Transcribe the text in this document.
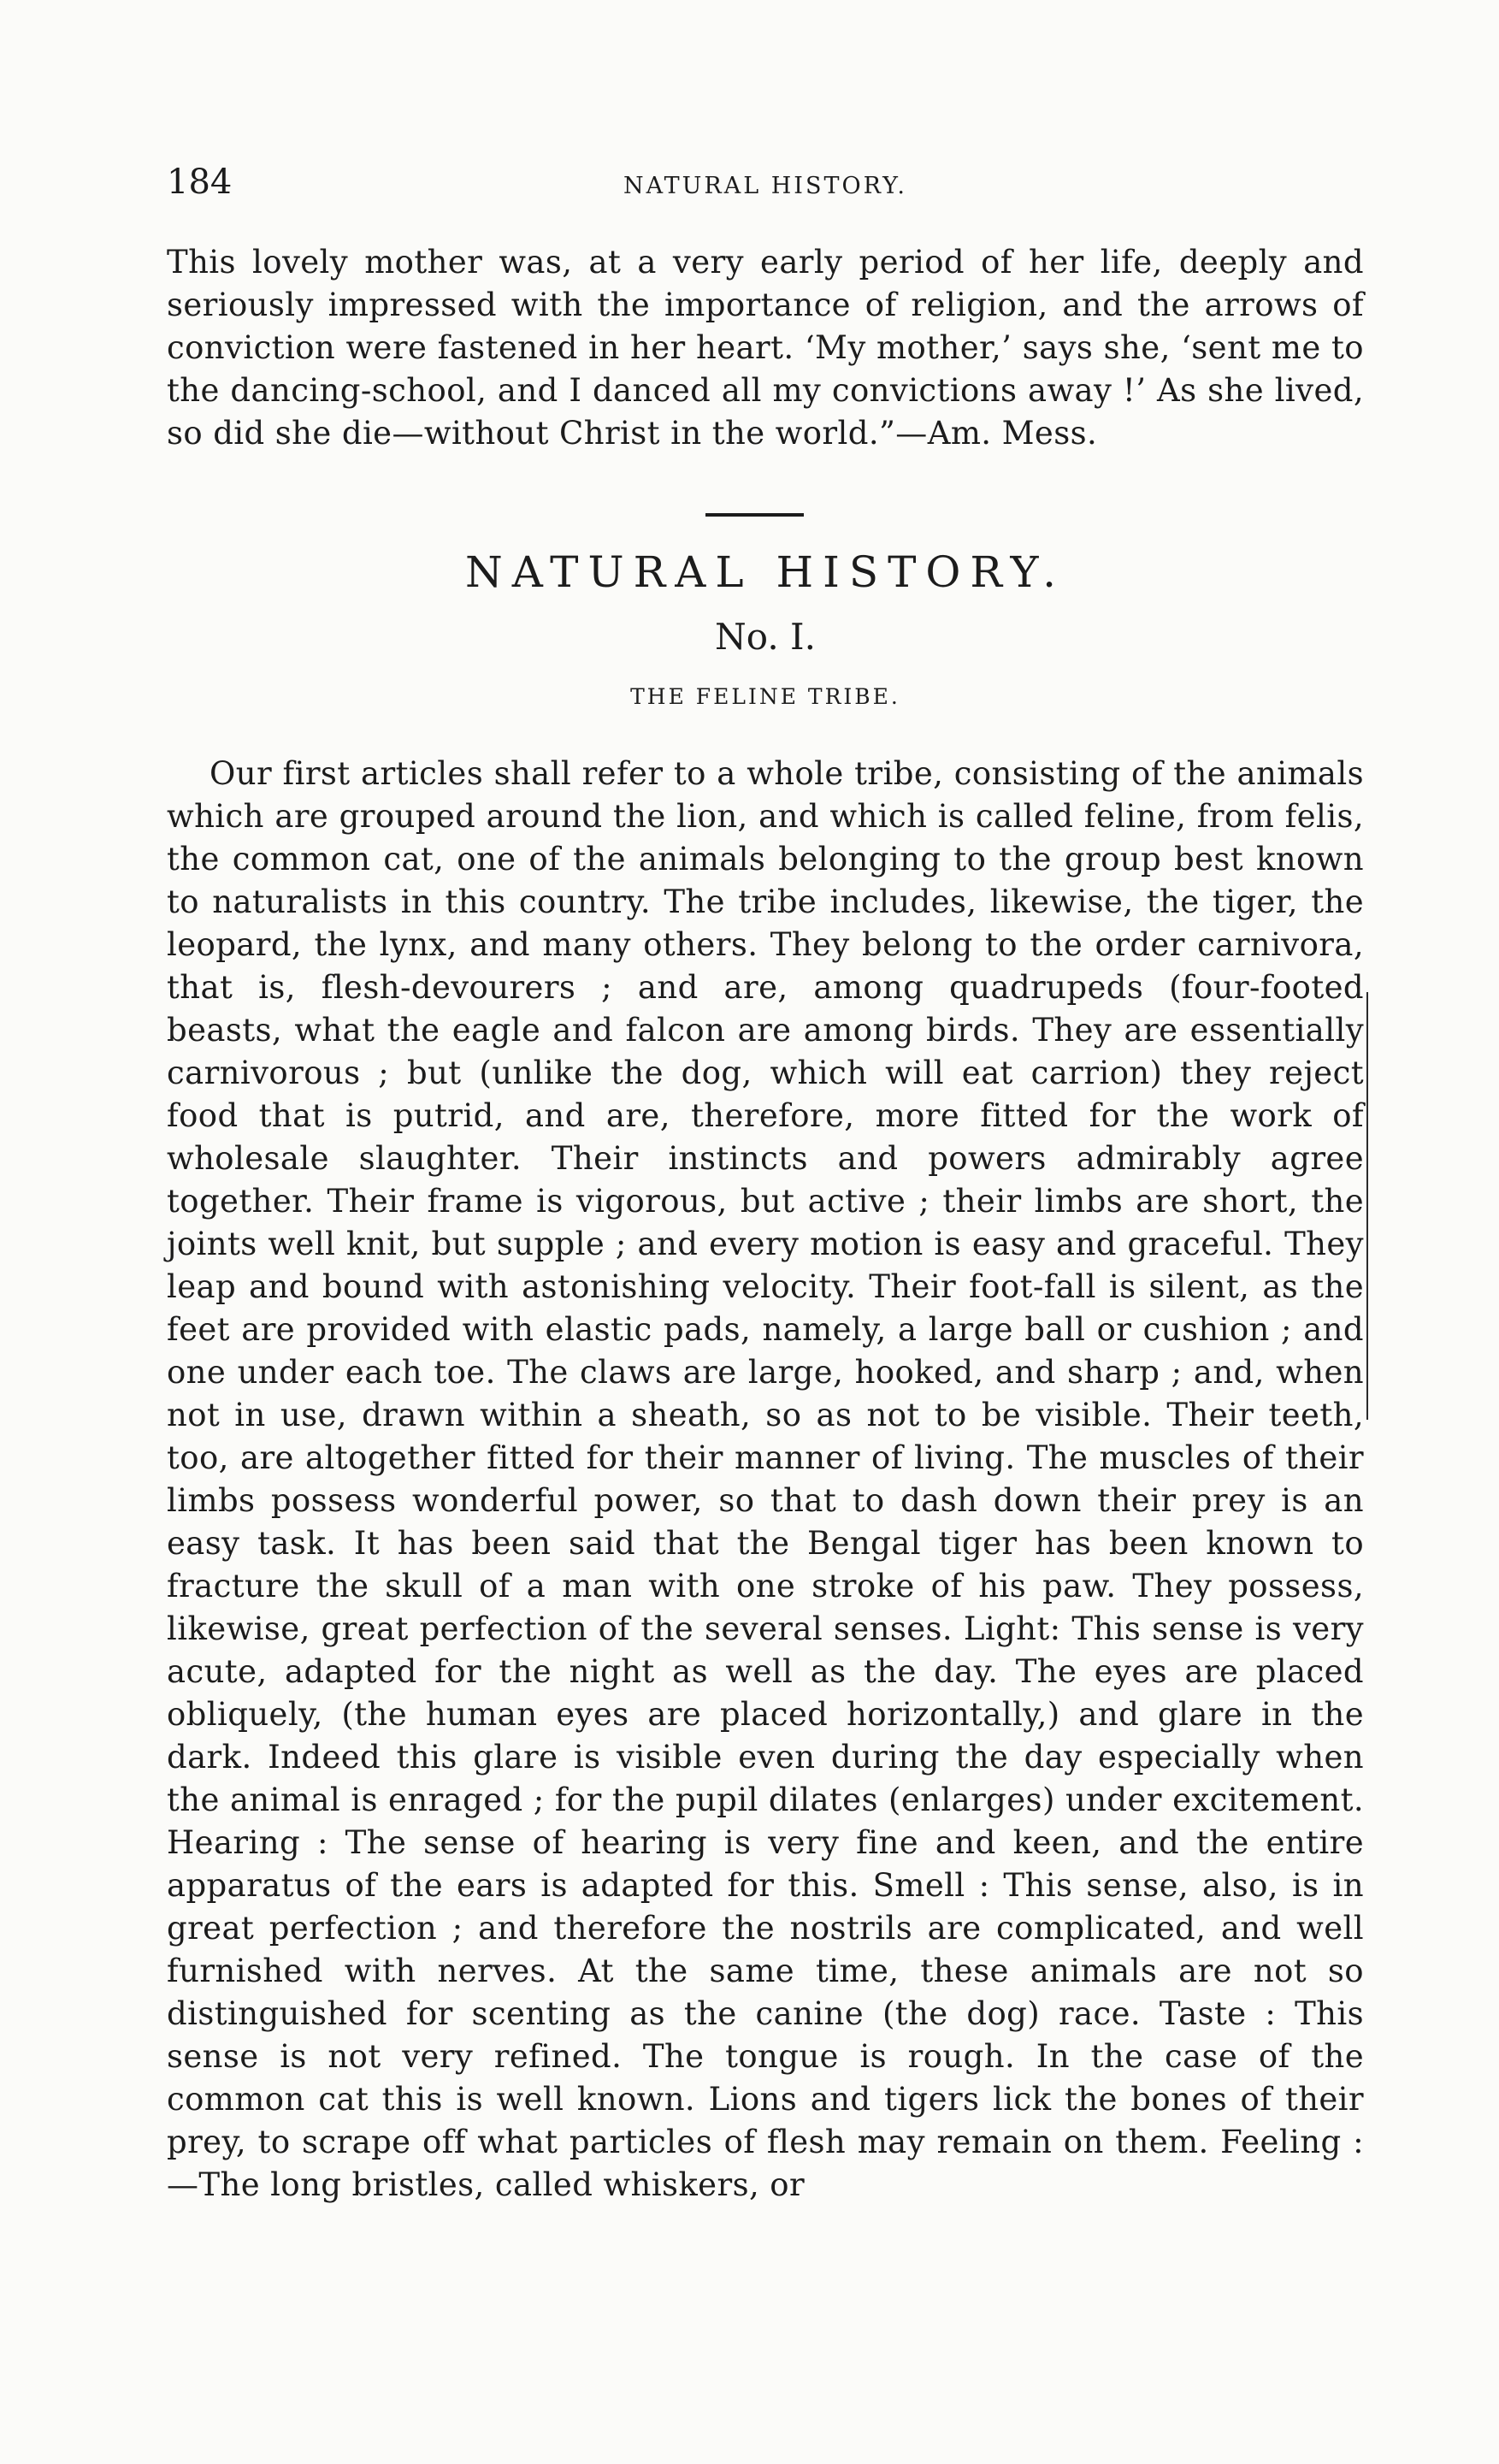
184	NATURAL HISTORY.

This lovely mother was, at a very early period of her life, deeply and seriously impressed with the importance of religion, and the arrows of conviction were fastened in her heart. ‘My mother,’ says she, ‘sent me to the dancing-school, and I danced all my convictions away !’ As she lived, so did she die—without Christ in the world.”—Am. Mess.

NATURAL HISTORY.
No. I.
THE FELINE TRIBE.

Our first articles shall refer to a whole tribe, consisting of the animals which are grouped around the lion, and which is called feline, from felis, the common cat, one of the animals belonging to the group best known to naturalists in this country. The tribe includes, likewise, the tiger, the leopard, the lynx, and many others. They belong to the order carnivora, that is, flesh-devourers ; and are, among quadrupeds (four-footed beasts, what the eagle and falcon are among birds. They are essentially carnivorous ; but (unlike the dog, which will eat carrion) they reject food that is putrid, and are, therefore, more fitted for the work of wholesale slaughter. Their instincts and powers admirably agree together. Their frame is vigorous, but active ; their limbs are short, the joints well knit, but supple ; and every motion is easy and graceful. They leap and bound with astonishing velocity. Their foot-fall is silent, as the feet are provided with elastic pads, namely, a large ball or cushion ; and one under each toe. The claws are large, hooked, and sharp ; and, when not in use, drawn within a sheath, so as not to be visible. Their teeth, too, are altogether fitted for their manner of living. The muscles of their limbs possess wonderful power, so that to dash down their prey is an easy task. It has been said that the Bengal tiger has been known to fracture the skull of a man with one stroke of his paw. They possess, likewise, great perfection of the several senses. Light: This sense is very acute, adapted for the night as well as the day. The eyes are placed obliquely, (the human eyes are placed horizontally,) and glare in the dark. Indeed this glare is visible even during the day especially when the animal is enraged ; for the pupil dilates (enlarges) under excitement. Hearing : The sense of hearing is very fine and keen, and the entire apparatus of the ears is adapted for this. Smell : This sense, also, is in great perfection ; and therefore the nostrils are complicated, and well furnished with nerves. At the same time, these animals are not so distinguished for scenting as the canine (the dog) race. Taste : This sense is not very refined. The tongue is rough. In the case of the common cat this is well known. Lions and tigers lick the bones of their prey, to scrape off what particles of flesh may remain on them. Feeling :—The long bristles, called whiskers, or
